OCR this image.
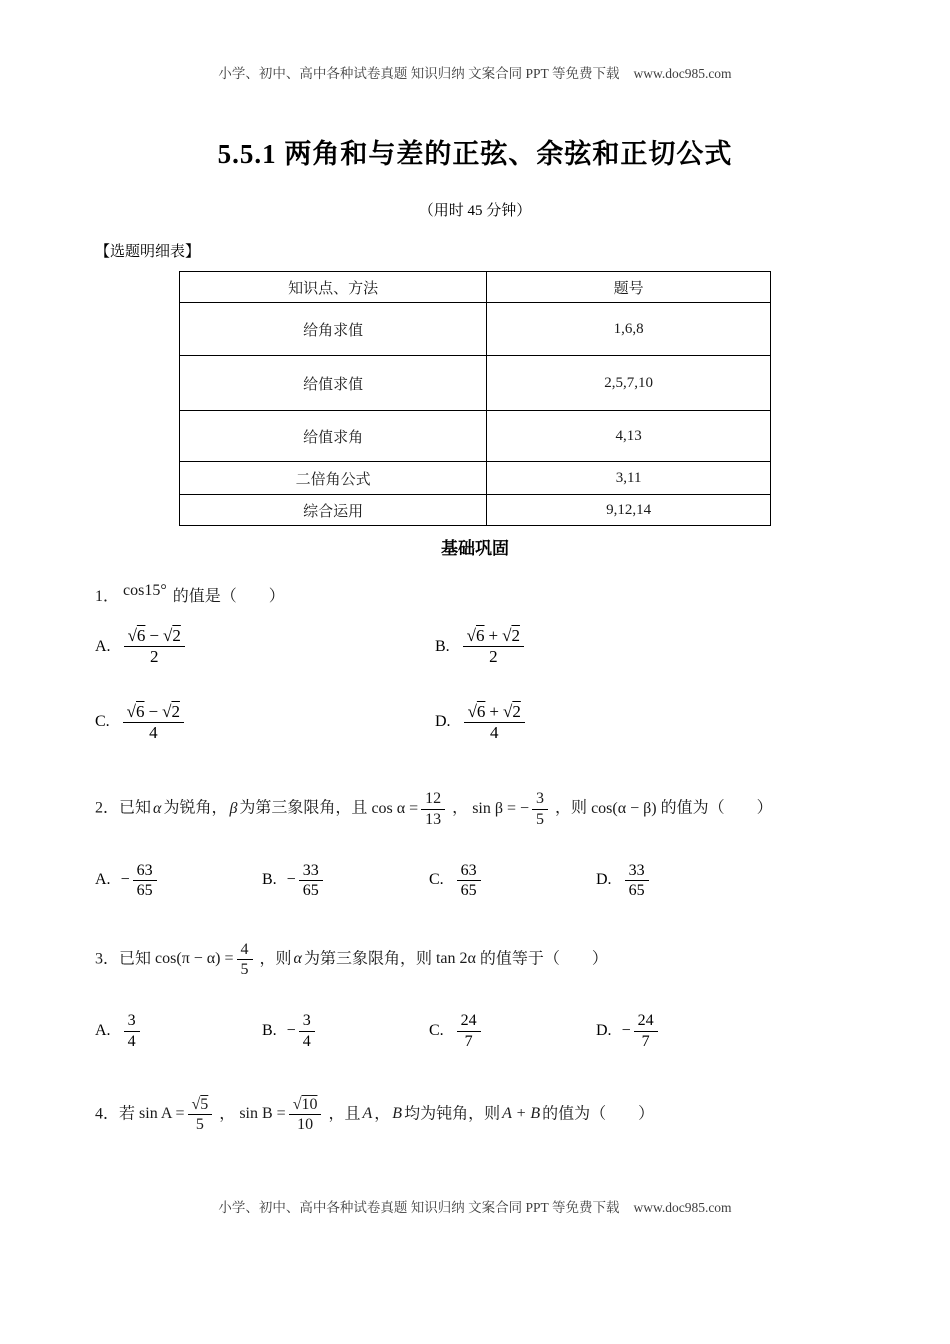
小学、初中、高中各种试卷真题 知识归纳 文案合同 PPT 等免费下载 www.doc985.com
5.5.1 两角和与差的正弦、余弦和正切公式
（用时 45 分钟）
【选题明细表】
知识点、方法	题号
给角求值	1,6,8
给值求值	2,5,7,10
给值求角	4,13
二倍角公式	3,11
综合运用	9,12,14
基础巩固
1． cos15° 的值是（　　）
A. $\frac{√6 - √2}{2}$	B. $\frac{√6 + √2}{2}$
C. $\frac{√6 - √2}{4}$	D. $\frac{√6 + √2}{4}$
2．已知 α 为锐角， β 为第三象限角，且 $\cos \alpha = \frac{12}{13}$ ， sin β = − $\frac{3}{5}$ ，则 cos(α − β) 的值为（　　）
A. − $\frac{63}{65}$	B. − $\frac{33}{65}$	C. $\frac{63}{65}$	D. $\frac{33}{65}$
3．已知 $\cos(\pi - \alpha) = \frac{4}{5}$ ，则 α 为第三象限角，则 tan 2α 的值等于（　　）
A. $\frac{3}{4}$	B. − $\frac{3}{4}$	C. $\frac{24}{7}$	D. − $\frac{24}{7}$
4．若 $\sin A = \frac{√5}{5}$ ， $\sin B = \frac{√10}{10}$ ，且 A ， B 均为钝角，则 A + B 的值为（　　）
小学、初中、高中各种试卷真题 知识归纳 文案合同 PPT 等免费下载 www.doc985.com
